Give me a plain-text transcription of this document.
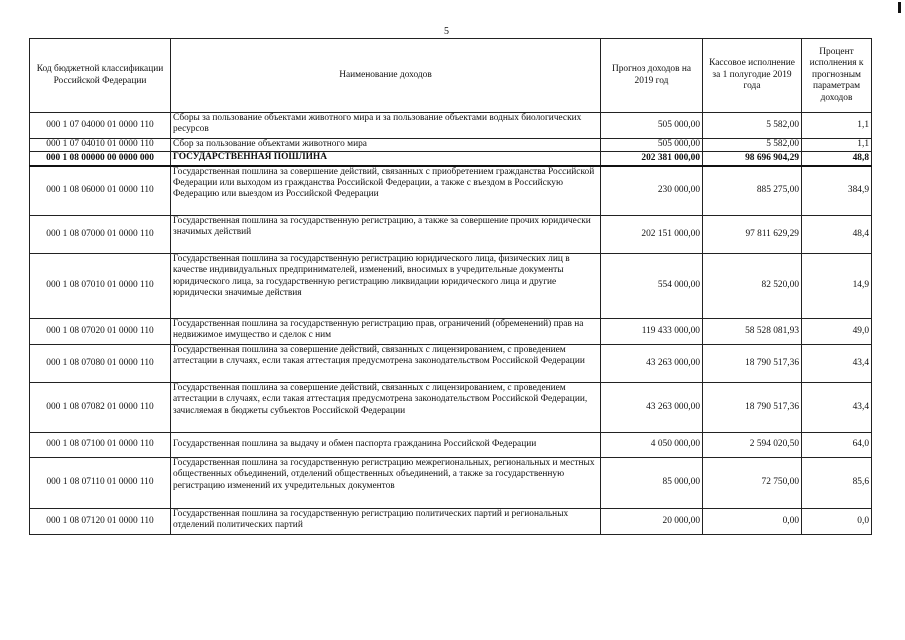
5
Код бюджетной классификации Российской Федерации	Наименование доходов	Прогноз доходов на 2019 год	Кассовое исполнение за 1 полугодие 2019 года	Процент исполнения к прогнозным параметрам доходов
000 1 07 04000 01 0000 110	Сборы за пользование объектами животного мира и за пользование объектами водных биологических ресурсов	505 000,00	5 582,00	1,1
000 1 07 04010 01 0000 110	Сбор за пользование объектами животного мира	505 000,00	5 582,00	1,1
000 1 08 00000 00 0000 000	ГОСУДАРСТВЕННАЯ ПОШЛИНА	202 381 000,00	98 696 904,29	48,8
000 1 08 06000 01 0000 110	Государственная пошлина за совершение действий, связанных с приобретением гражданства Российской Федерации или выходом из гражданства Российской Федерации, а также с въездом в Российскую Федерацию или выездом из Российской Федерации	230 000,00	885 275,00	384,9
000 1 08 07000 01 0000 110	Государственная пошлина за государственную регистрацию, а также за совершение прочих юридически значимых действий	202 151 000,00	97 811 629,29	48,4
000 1 08 07010 01 0000 110	Государственная пошлина за государственную регистрацию юридического лица, физических лиц в качестве индивидуальных предпринимателей, изменений, вносимых в учредительные документы юридического лица, за государственную регистрацию ликвидации юридического лица и другие юридически значимые действия	554 000,00	82 520,00	14,9
000 1 08 07020 01 0000 110	Государственная пошлина за государственную регистрацию прав, ограничений (обременений) прав на недвижимое имущество и сделок с ним	119 433 000,00	58 528 081,93	49,0
000 1 08 07080 01 0000 110	Государственная пошлина за совершение действий, связанных с лицензированием, с проведением аттестации в случаях, если такая аттестация предусмотрена законодательством Российской Федерации	43 263 000,00	18 790 517,36	43,4
000 1 08 07082 01 0000 110	Государственная пошлина за совершение действий, связанных с лицензированием, с проведением аттестации в случаях, если такая аттестация предусмотрена законодательством Российской Федерации, зачисляемая в бюджеты субъектов Российской Федерации	43 263 000,00	18 790 517,36	43,4
000 1 08 07100 01 0000 110	Государственная пошлина за выдачу и обмен паспорта гражданина Российской Федерации	4 050 000,00	2 594 020,50	64,0
000 1 08 07110 01 0000 110	Государственная пошлина за государственную регистрацию межрегиональных, региональных и местных общественных объединений, отделений общественных объединений, а также за государственную регистрацию изменений их учредительных документов	85 000,00	72 750,00	85,6
000 1 08 07120 01 0000 110	Государственная пошлина за государственную регистрацию политических партий и региональных отделений политических партий	20 000,00	0,00	0,0
